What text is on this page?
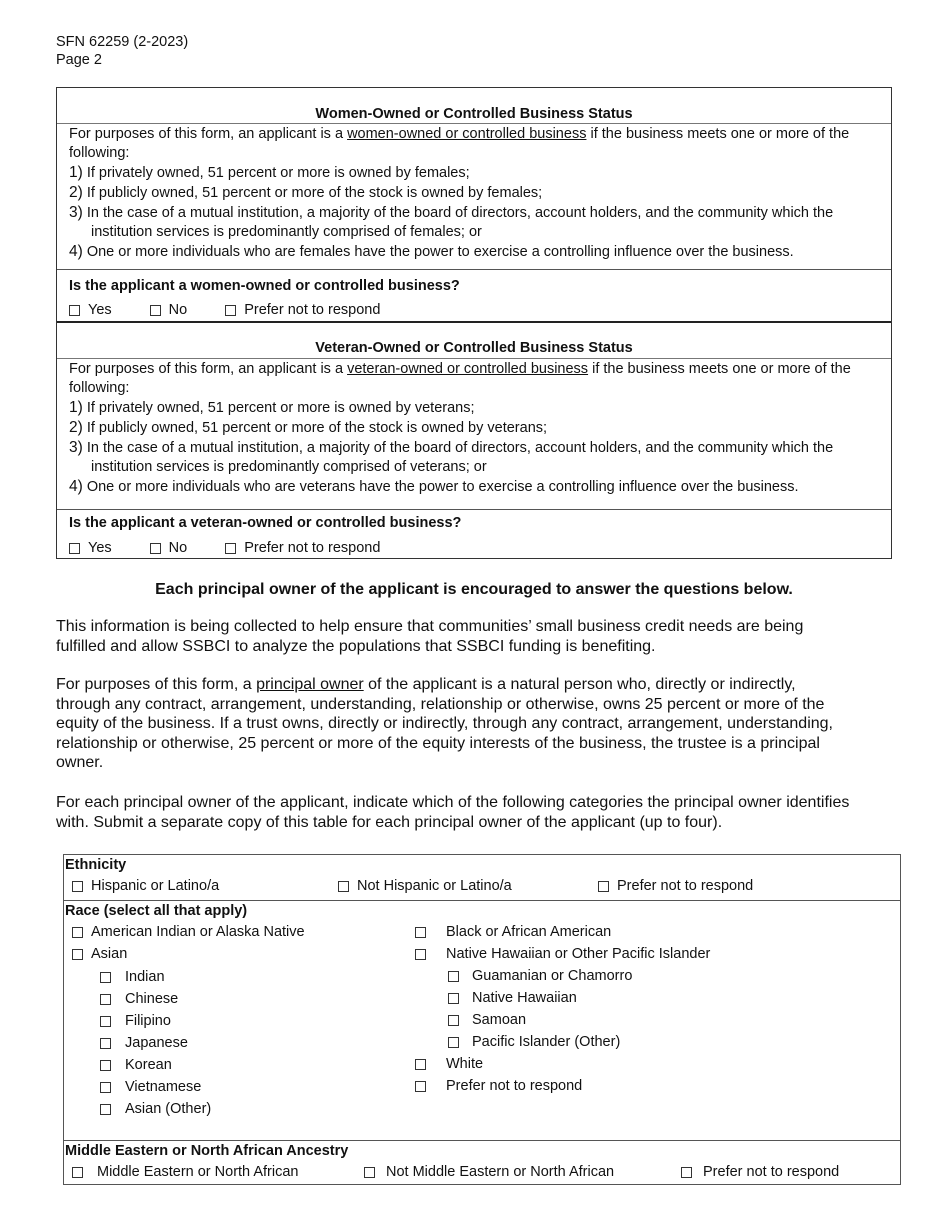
SFN 62259 (2-2023)
Page 2
Women-Owned or Controlled Business Status
For purposes of this form, an applicant is a women-owned or controlled business if the business meets one or more of the following:
1) If privately owned, 51 percent or more is owned by females;
2) If publicly owned, 51 percent or more of the stock is owned by females;
3) In the case of a mutual institution, a majority of the board of directors, account holders, and the community which the institution services is predominantly comprised of females; or
4) One or more individuals who are females have the power to exercise a controlling influence over the business.
Is the applicant a women-owned or controlled business?
Yes	No	Prefer not to respond
Veteran-Owned or Controlled Business Status
For purposes of this form, an applicant is a veteran-owned or controlled business if the business meets one or more of the following:
1) If privately owned, 51 percent or more is owned by veterans;
2) If publicly owned, 51 percent or more of the stock is owned by veterans;
3) In the case of a mutual institution, a majority of the board of directors, account holders, and the community which the institution services is predominantly comprised of veterans; or
4) One or more individuals who are veterans have the power to exercise a controlling influence over the business.
Is the applicant a veteran-owned or controlled business?
Yes	No	Prefer not to respond
Each principal owner of the applicant is encouraged to answer the questions below.
This information is being collected to help ensure that communities’ small business credit needs are being fulfilled and allow SSBCI to analyze the populations that SSBCI funding is benefiting.
For purposes of this form, a principal owner of the applicant is a natural person who, directly or indirectly, through any contract, arrangement, understanding, relationship or otherwise, owns 25 percent or more of the equity of the business. If a trust owns, directly or indirectly, through any contract, arrangement, understanding, relationship or otherwise, 25 percent or more of the equity interests of the business, the trustee is a principal owner.
For each principal owner of the applicant, indicate which of the following categories the principal owner identifies with. Submit a separate copy of this table for each principal owner of the applicant (up to four).
Ethnicity
Hispanic or Latino/a	Not Hispanic or Latino/a	Prefer not to respond
Race (select all that apply)
American Indian or Alaska Native
Asian
Indian
Chinese
Filipino
Japanese
Korean
Vietnamese
Asian (Other)
Black or African American
Native Hawaiian or Other Pacific Islander
Guamanian or Chamorro
Native Hawaiian
Samoan
Pacific Islander (Other)
White
Prefer not to respond
Middle Eastern or North African Ancestry
Middle Eastern or North African	Not Middle Eastern or North African	Prefer not to respond
